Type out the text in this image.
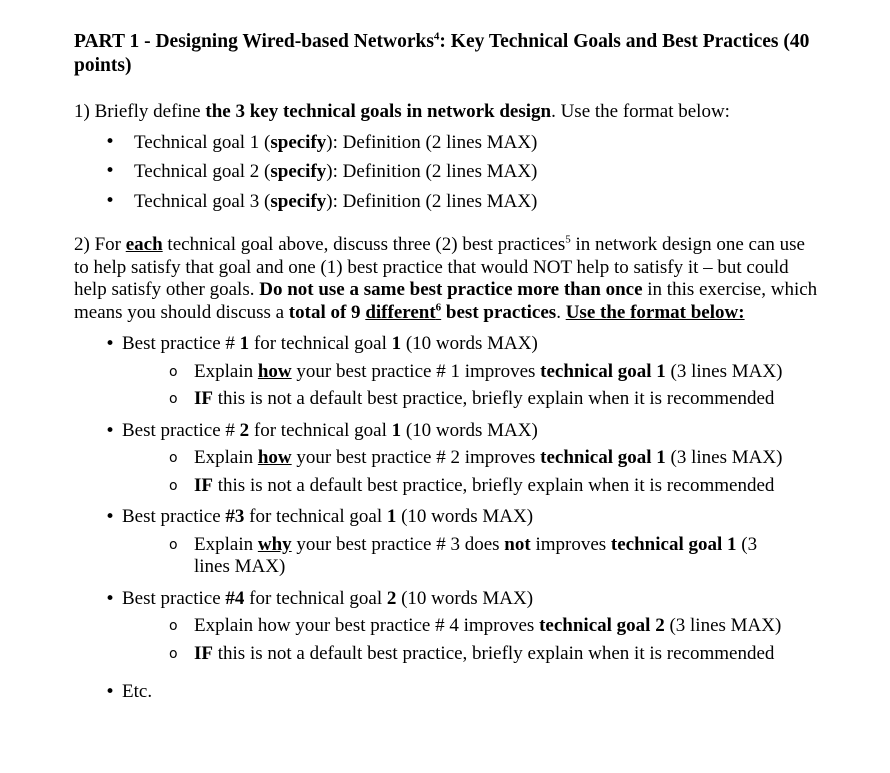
PART 1 - Designing Wired-based Networks$^4$: Key Technical Goals and Best Practices (40 points)

1) Briefly define the 3 key technical goals in network design. Use the format below:

• Technical goal 1 (specify): Definition (2 lines MAX)
• Technical goal 2 (specify): Definition (2 lines MAX)
• Technical goal 3 (specify): Definition (2 lines MAX)

2) For each technical goal above, discuss three (2) best practices$^5$ in network design one can use to help satisfy that goal and one (1) best practice that would NOT help to satisfy it – but could help satisfy other goals. Do not use a same best practice more than once in this exercise, which means you should discuss a total of 9 different$^6$ best practices. Use the format below:

• Best practice # 1 for technical goal 1 (10 words MAX)
o Explain how your best practice # 1 improves technical goal 1 (3 lines MAX)
o IF this is not a default best practice, briefly explain when it is recommended
• Best practice # 2 for technical goal 1 (10 words MAX)
o Explain how your best practice # 2 improves technical goal 1 (3 lines MAX)
o IF this is not a default best practice, briefly explain when it is recommended
• Best practice #3 for technical goal 1 (10 words MAX)
o Explain why your best practice # 3 does not improves technical goal 1 (3 lines MAX)
• Best practice #4 for technical goal 2 (10 words MAX)
o Explain how your best practice # 4 improves technical goal 2 (3 lines MAX)
o IF this is not a default best practice, briefly explain when it is recommended
• Etc.
